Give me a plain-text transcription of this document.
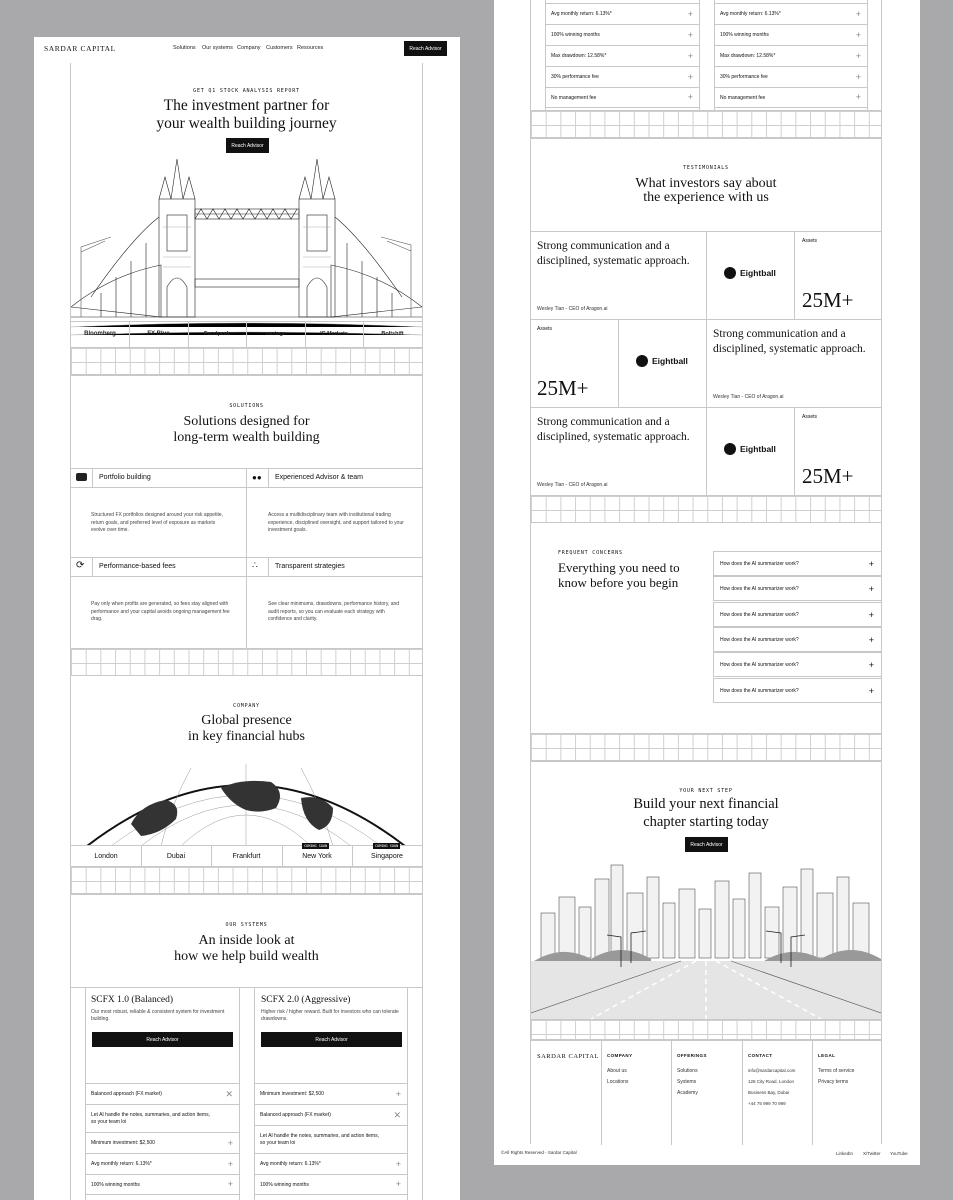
SARDAR CAPITAL	Solutions Our systems Company Customers Resources	Reach Advisor
GET Q1 STOCK ANALYSIS REPORT
The investment partner for
your wealth building journey
Reach Advisor
Bloomberg	FX Blue	Fundpeak	vantage	IC Markets	Boltshift
SOLUTIONS
Solutions designed for
long-term wealth building
●●
⟳	∴
Portfolio building	Experienced Advisor & team
Performance-based fees	Transparent strategies
Structured FX portfolios designed around your risk appetite, return goals, and preferred level of exposure as markets evolve over time.
Access a multidisciplinary team with institutional trading experience, disciplined oversight, and support tailored to your investment goals.
Pay only when profits are generated, so fees stay aligned with performance and your capital avoids ongoing management fee drag.
See clear minimums, drawdowns, performance history, and audit reports, so you can evaluate each strategy with confidence and clarity.
COMPANY
Global presence
in key financial hubs
London	Dubai	Frankfurt	New York	Singapore
COMING SOON	COMING SOON
OUR SYSTEMS
An inside look at
how we help build wealth
SCFX 1.0 (Balanced)
Our most robust, reliable & consistent system for investment building.
Reach Advisor
SCFX 2.0 (Aggressive)
Higher risk / higher reward. Built for investors who can tolerate drawdowns.
Reach Advisor
Balanced approach (FX market)	✕
Let AI handle the notes, summaries, and action items, so your team loi
Minimum investment: $2,500	+
Avg monthly return: 6.13%*	+
100% winning months	+
Minimum investment: $2,500	+
Balanced approach (FX market)	✕
Let AI handle the notes, summaries, and action items, so your team loi
Avg monthly return: 6.13%*	+
100% winning months	+
Avg monthly return: 6.13%*	+
100% winning months	+
Max drawdown: 12.58%*	+
30% performance fee	+
No management fee	+
Avg monthly return: 6.13%*	+
100% winning months	+
Max drawdown: 12.58%*	+
30% performance fee	+
No management fee	+
TESTIMONIALS
What investors say about
the experience with us
Strong communication and a
disciplined, systematic approach.
Wesley Tian - CEO of Aragon.ai
Eightball
Assets
25M+
Assets
25M+
Eightball
Strong communication and a
disciplined, systematic approach.
Wesley Tian - CEO of Aragon.ai
Strong communication and a
disciplined, systematic approach.
Wesley Tian - CEO of Aragon.ai
Eightball
Assets
25M+
FREQUENT CONCERNS
Everything you need to
know before you begin
How does the AI summarizer work?	+
How does the AI summarizer work?	+
How does the AI summarizer work?	+
How does the AI summarizer work?	+
How does the AI summarizer work?	+
How does the AI summarizer work?	+
YOUR NEXT STEP
Build your next financial
chapter starting today
Reach Advisor
SARDAR CAPITAL COMPANY
About us
Locations
OFFERINGS
Solutions
Systems
Academy
CONTACT
info@sardarcapital.com
128 City Road, London
Business Bay, Dubai
+44 75 999 70 999
LEGAL
Terms of service
Privacy terms
©All Rights Reserved - Sardar Capital	LinkedIn X/Twitter YouTube
